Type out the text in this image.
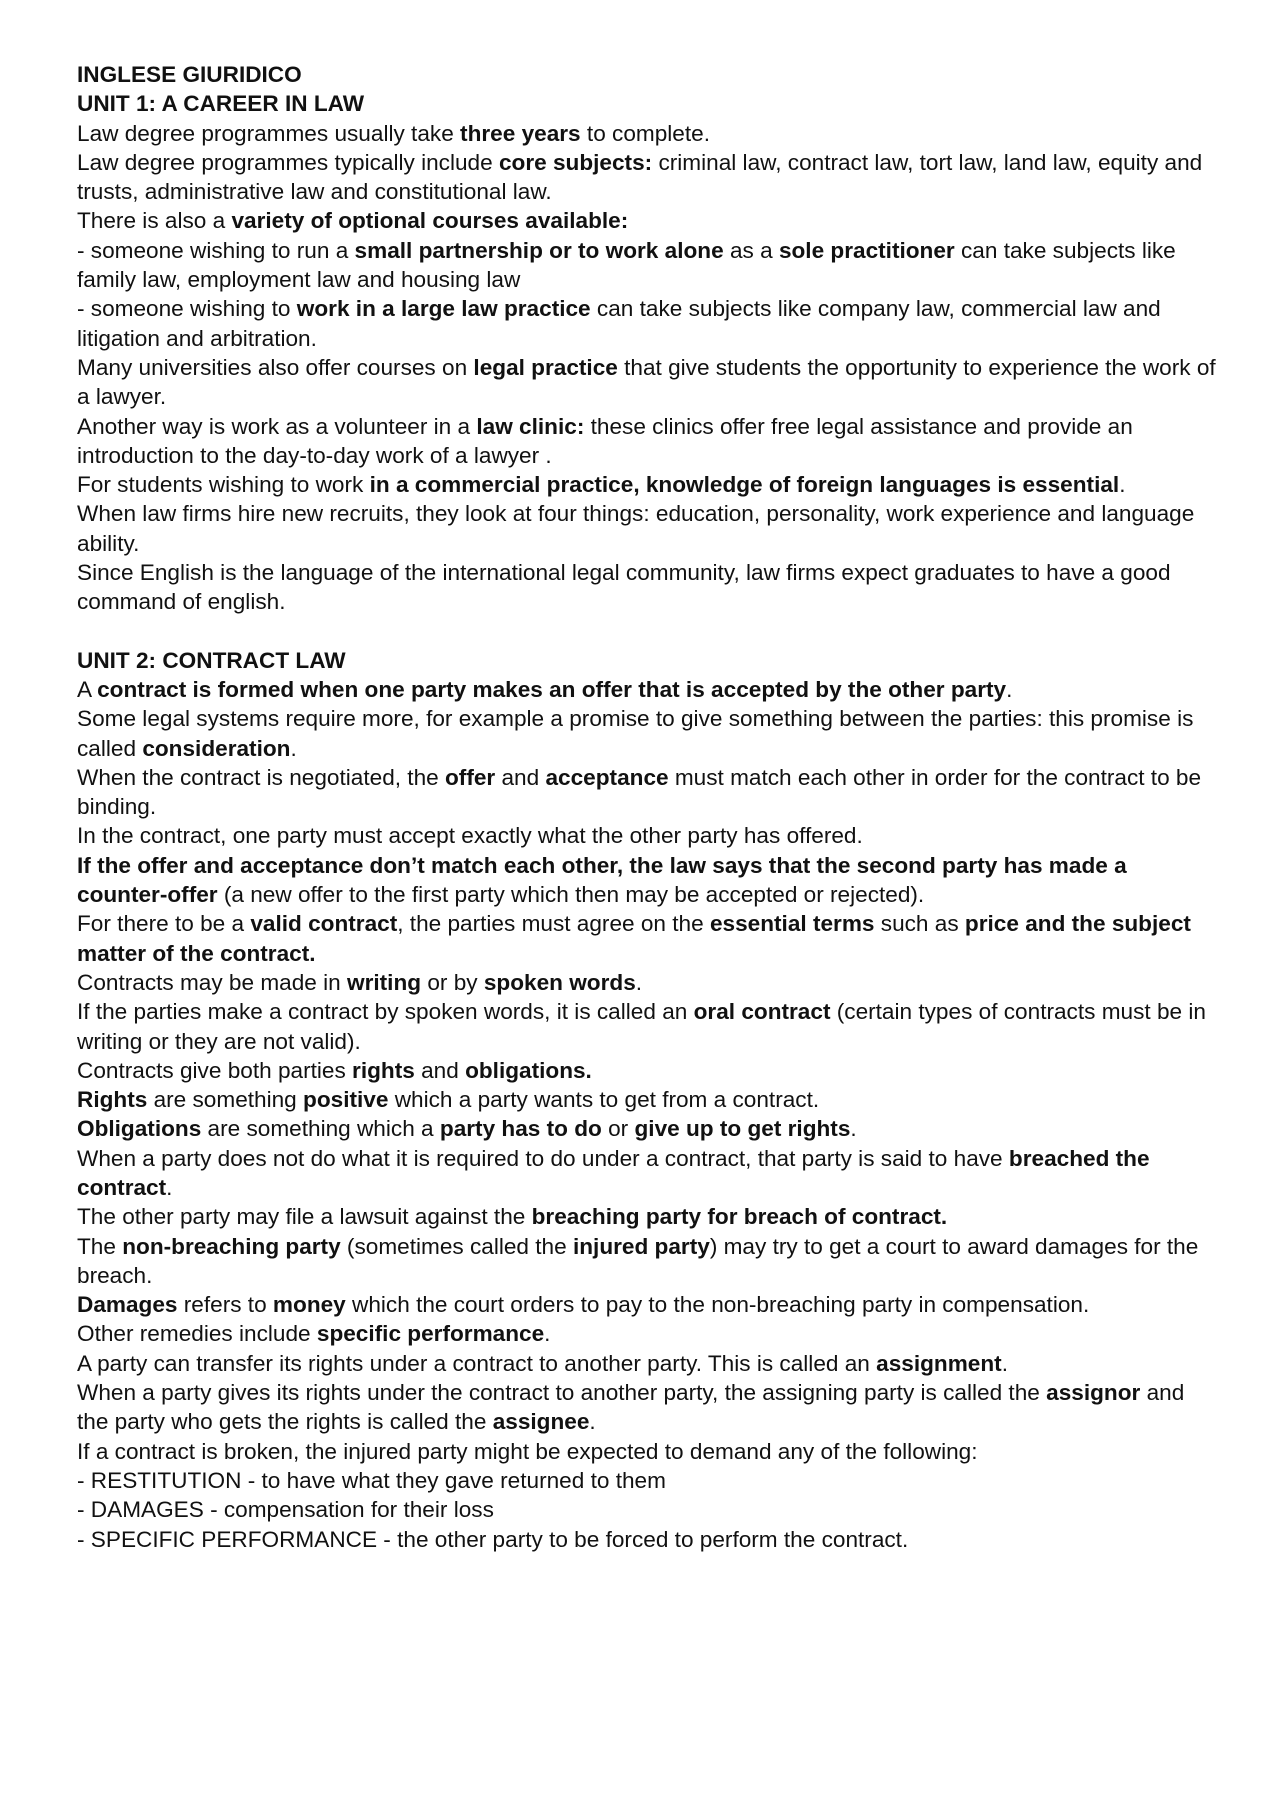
INGLESE GIURIDICO

UNIT 1: A CAREER IN LAW

Law degree programmes usually take three years to complete.

Law degree programmes typically include core subjects: criminal law, contract law, tort law, land law, equity and trusts, administrative law and constitutional law.

There is also a variety of optional courses available:

- someone wishing to run a small partnership or to work alone as a sole practitioner can take subjects like family law, employment law and housing law

- someone wishing to work in a large law practice can take subjects like company law, commercial law and litigation and arbitration.

Many universities also offer courses on legal practice that give students the opportunity to experience the work of a lawyer.

Another way is work as a volunteer in a law clinic: these clinics offer free legal assistance and provide an introduction to the day-to-day work of a lawyer .

For students wishing to work in a commercial practice, knowledge of foreign languages is essential.

When law firms hire new recruits, they look at four things: education, personality, work experience and language ability.

Since English is the language of the international legal community, law firms expect graduates to have a good command of english.

UNIT 2: CONTRACT LAW

A contract is formed when one party makes an offer that is accepted by the other party.

Some legal systems require more, for example a promise to give something between the parties: this promise is called consideration.

When the contract is negotiated, the offer and acceptance must match each other in order for the contract to be binding.

In the contract, one party must accept exactly what the other party has offered.

If the offer and acceptance don’t match each other, the law says that the second party has made a counter-offer (a new offer to the first party which then may be accepted or rejected).

For there to be a valid contract, the parties must agree on the essential terms such as price and the subject matter of the contract.

Contracts may be made in writing or by spoken words.

If the parties make a contract by spoken words, it is called an oral contract (certain types of contracts must be in writing or they are not valid).

Contracts give both parties rights and obligations.

Rights are something positive which a party wants to get from a contract.

Obligations are something which a party has to do or give up to get rights.

When a party does not do what it is required to do under a contract, that party is said to have breached the contract.

The other party may file a lawsuit against the breaching party for breach of contract.

The non-breaching party (sometimes called the injured party) may try to get a court to award damages for the breach.

Damages refers to money which the court orders to pay to the non-breaching party in compensation.

Other remedies include specific performance.

A party can transfer its rights under a contract to another party. This is called an assignment.

When a party gives its rights under the contract to another party, the assigning party is called the assignor and the party who gets the rights is called the assignee.

If a contract is broken, the injured party might be expected to demand any of the following:

- RESTITUTION - to have what they gave returned to them

- DAMAGES - compensation for their loss

- SPECIFIC PERFORMANCE - the other party to be forced to perform the contract.
